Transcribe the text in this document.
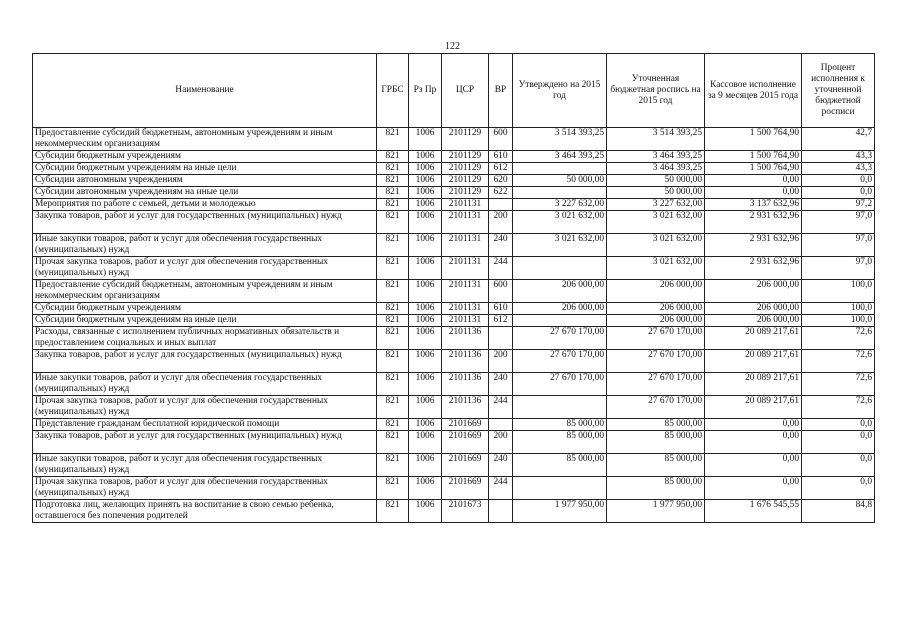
122
Наименование	ГРБС	Рз Пр	ЦСР	ВР	Утверждено на 2015 год	Уточненная бюджетная роспись на 2015 год	Кассовое исполнение за 9 месяцев 2015 года	Процент исполнения к уточненной бюджетной росписи
Предоставление субсидий бюджетным, автономным учреждениям и иным некоммерческим организациям	821	1006	2101129	600	3 514 393,25	3 514 393,25	1 500 764,90	42,7
Субсидии бюджетным учреждениям	821	1006	2101129	610	3 464 393,25	3 464 393,25	1 500 764,90	43,3
Субсидии бюджетным учреждениям на иные цели	821	1006	2101129	612		3 464 393,25	1 500 764,90	43,3
Субсидии автономным учреждениям	821	1006	2101129	620	50 000,00	50 000,00	0,00	0,0
Субсидии автономным учреждениям на иные цели	821	1006	2101129	622		50 000,00	0,00	0,0
Мероприятия по работе с семьей, детьми и молодежью	821	1006	2101131		3 227 632,00	3 227 632,00	3 137 632,96	97,2
Закупка товаров, работ и услуг для государственных (муниципальных) нужд	821	1006	2101131	200	3 021 632,00	3 021 632,00	2 931 632,96	97,0
Иные закупки товаров, работ и услуг для обеспечения государственных (муниципальных) нужд	821	1006	2101131	240	3 021 632,00	3 021 632,00	2 931 632,96	97,0
Прочая закупка товаров, работ и услуг для обеспечения государственных (муниципальных) нужд	821	1006	2101131	244		3 021 632,00	2 931 632,96	97,0
Предоставление субсидий бюджетным, автономным учреждениям и иным некоммерческим организациям	821	1006	2101131	600	206 000,00	206 000,00	206 000,00	100,0
Субсидии бюджетным учреждениям	821	1006	2101131	610	206 000,00	206 000,00	206 000,00	100,0
Субсидии бюджетным учреждениям на иные цели	821	1006	2101131	612		206 000,00	206 000,00	100,0
Расходы, связанные с исполнением публичных нормативных обязательств и предоставлением социальных и иных выплат	821	1006	2101136		27 670 170,00	27 670 170,00	20 089 217,61	72,6
Закупка товаров, работ и услуг для государственных (муниципальных) нужд	821	1006	2101136	200	27 670 170,00	27 670 170,00	20 089 217,61	72,6
Иные закупки товаров, работ и услуг для обеспечения государственных (муниципальных) нужд	821	1006	2101136	240	27 670 170,00	27 670 170,00	20 089 217,61	72,6
Прочая закупка товаров, работ и услуг для обеспечения государственных (муниципальных) нужд	821	1006	2101136	244		27 670 170,00	20 089 217,61	72,6
Представление гражданам бесплатной юридической помощи	821	1006	2101669		85 000,00	85 000,00	0,00	0,0
Закупка товаров, работ и услуг для государственных (муниципальных) нужд	821	1006	2101669	200	85 000,00	85 000,00	0,00	0,0
Иные закупки товаров, работ и услуг для обеспечения государственных (муниципальных) нужд	821	1006	2101669	240	85 000,00	85 000,00	0,00	0,0
Прочая закупка товаров, работ и услуг для обеспечения государственных (муниципальных) нужд	821	1006	2101669	244		85 000,00	0,00	0,0
Подготовка лиц, желающих принять на воспитание в свою семью ребенка, оставшегося без попечения родителей	821	1006	2101673		1 977 950,00	1 977 950,00	1 676 545,55	84,8
